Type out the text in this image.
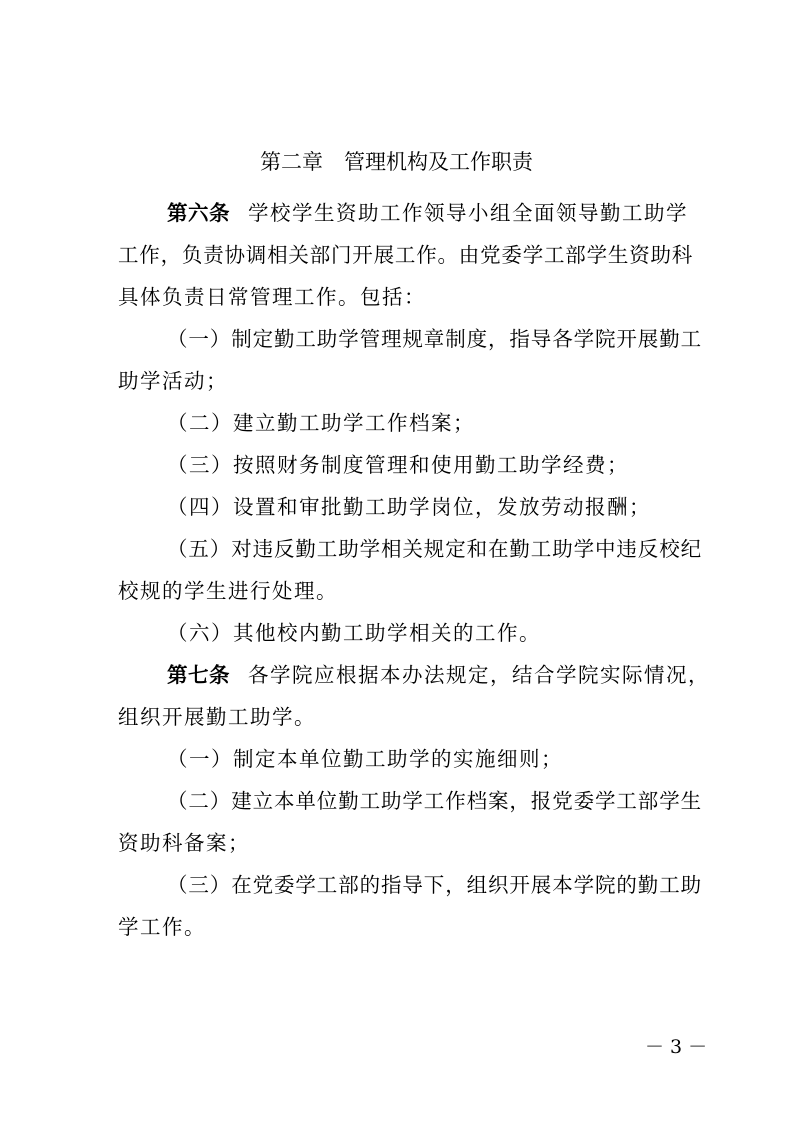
第二章　管理机构及工作职责
第六条 学校学生资助工作领导小组全面领导勤工助学
工作，负责协调相关部门开展工作。由党委学工部学生资助科
具体负责日常管理工作。包括：
（一）制定勤工助学管理规章制度，指导各学院开展勤工
助学活动；
（二）建立勤工助学工作档案；
（三）按照财务制度管理和使用勤工助学经费；
（四）设置和审批勤工助学岗位，发放劳动报酬；
（五）对违反勤工助学相关规定和在勤工助学中违反校纪
校规的学生进行处理。
（六）其他校内勤工助学相关的工作。
第七条 各学院应根据本办法规定，结合学院实际情况，
组织开展勤工助学。
（一）制定本单位勤工助学的实施细则；
（二）建立本单位勤工助学工作档案，报党委学工部学生
资助科备案；
（三）在党委学工部的指导下，组织开展本学院的勤工助
学工作。
－ 3 －
